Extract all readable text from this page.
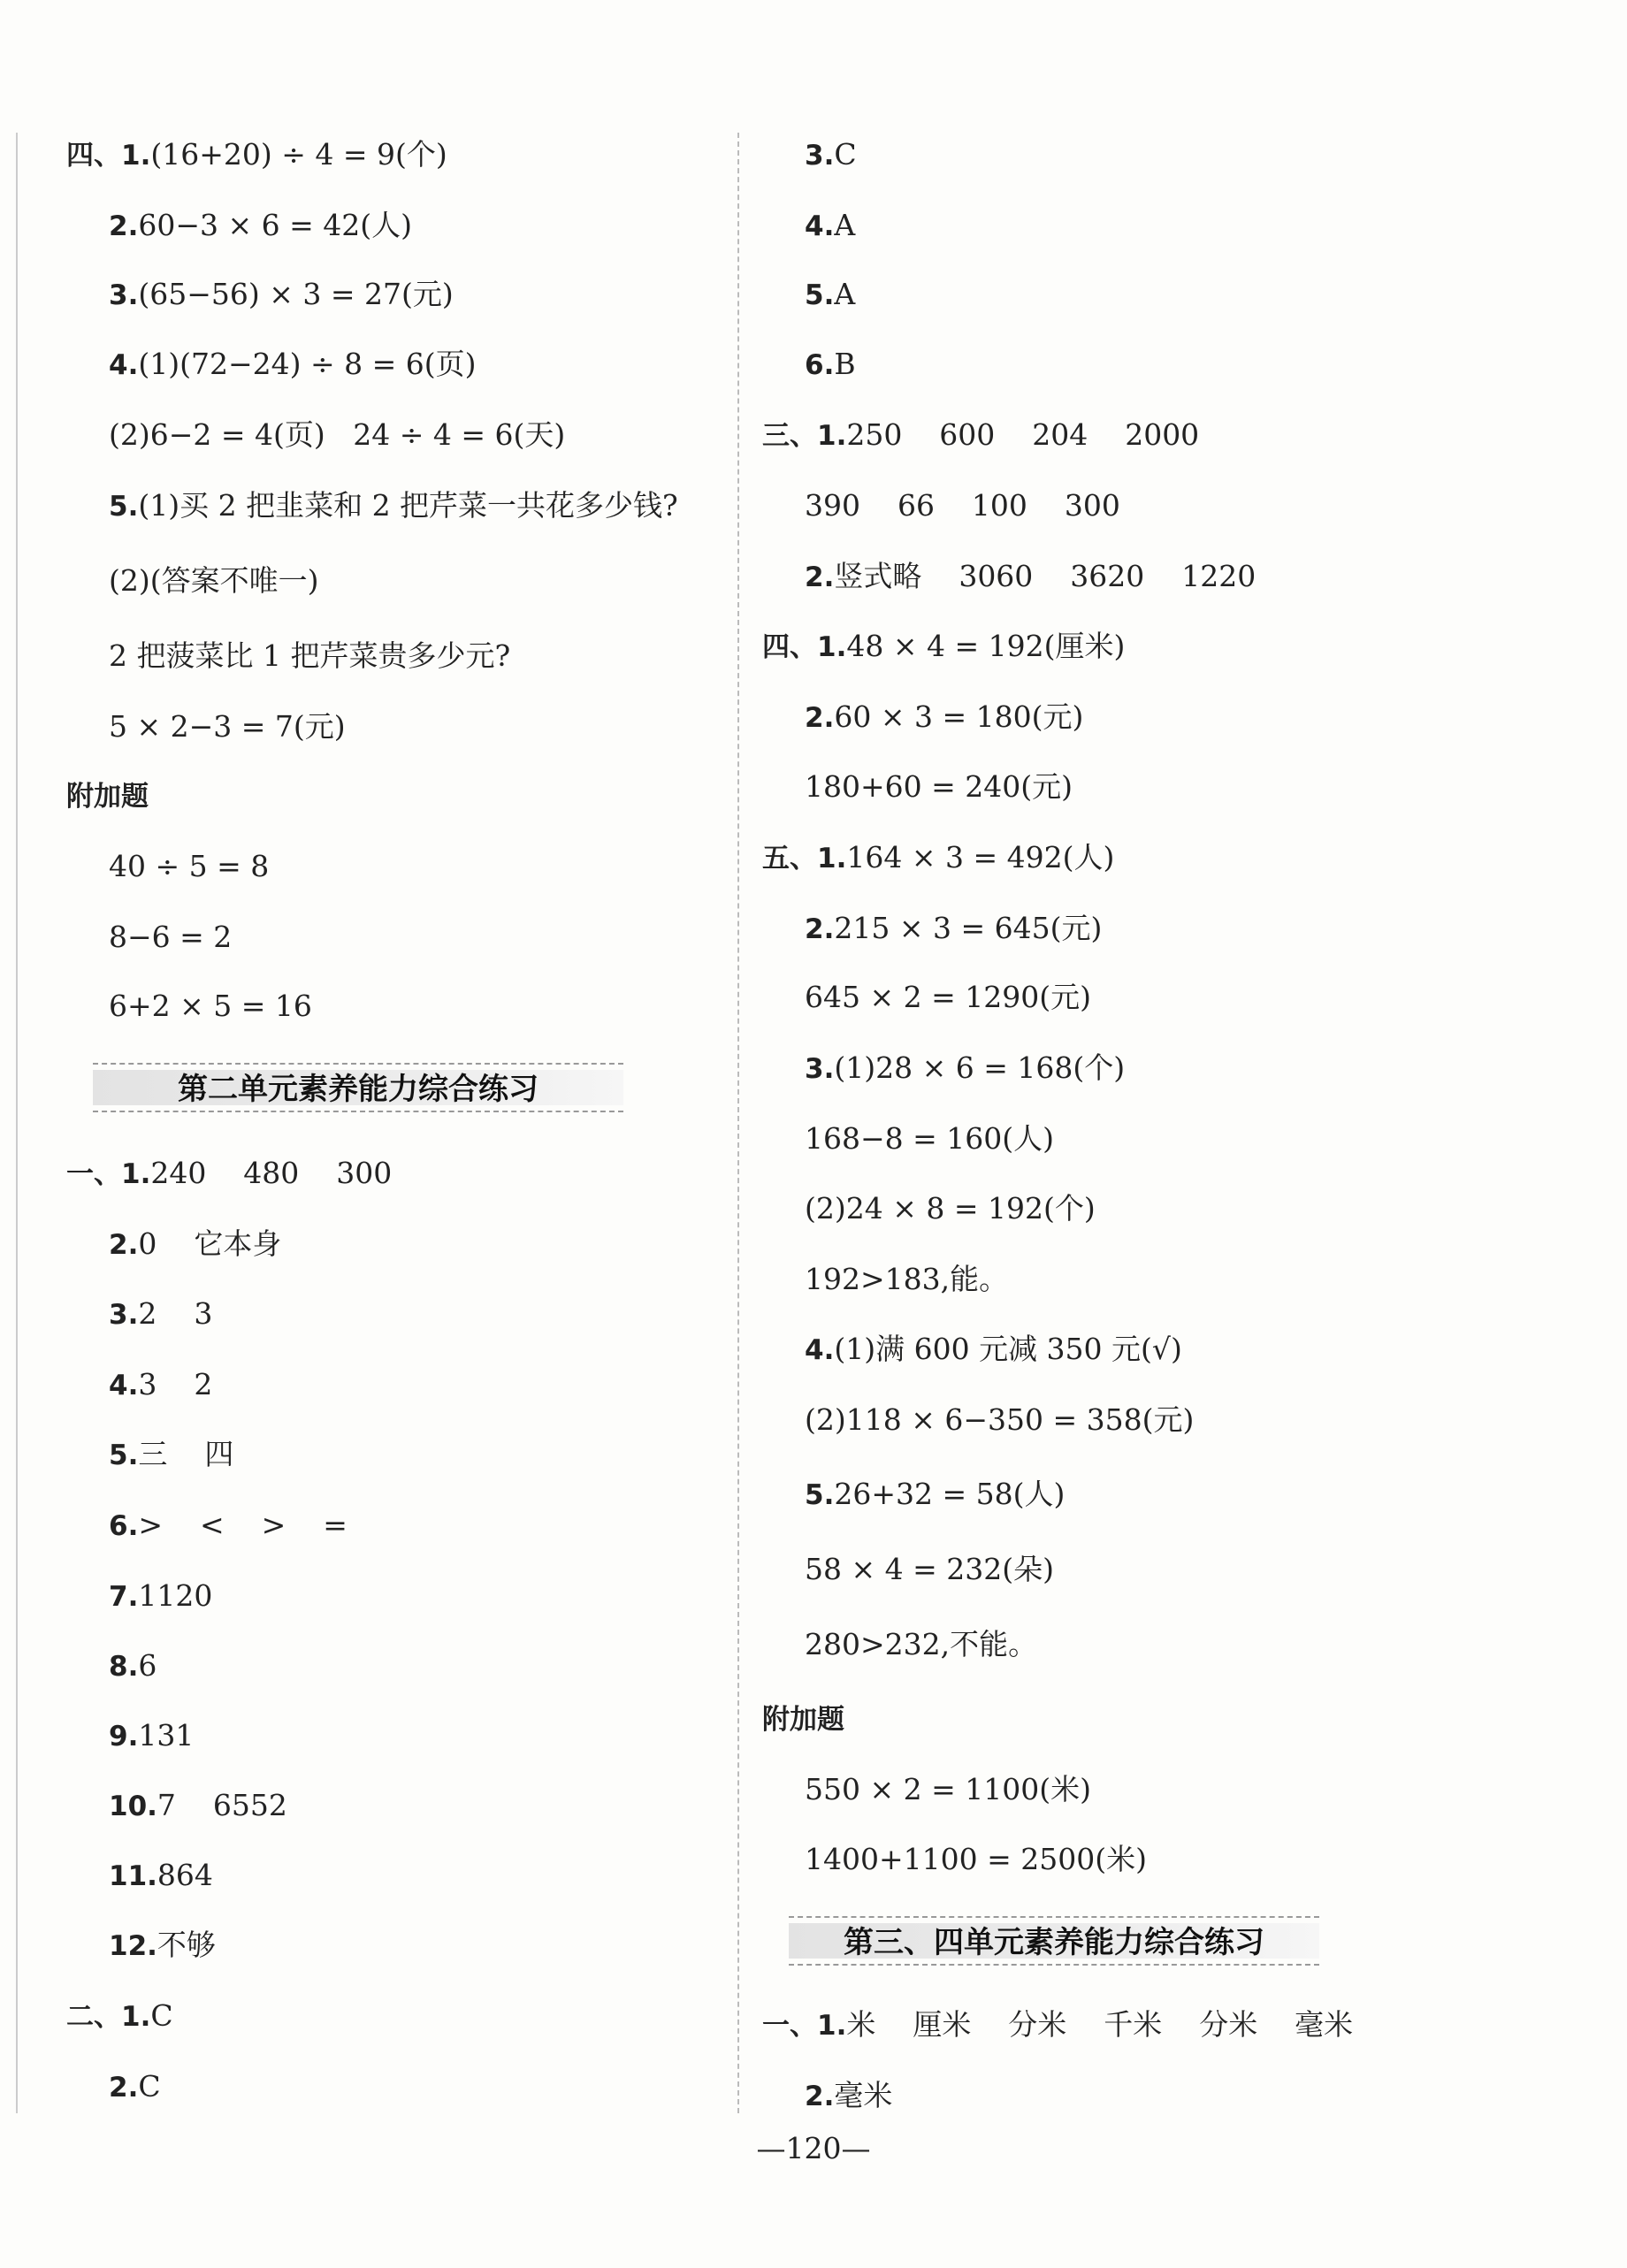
四、1.(16+20) ÷ 4 = 9(个)
2.60−3 × 6 = 42(人)
3.(65−56) × 3 = 27(元)
4.(1)(72−24) ÷ 8 = 6(页)
(2)6−2 = 4(页)   24 ÷ 4 = 6(天)
5.(1)买 2 把韭菜和 2 把芹菜一共花多少钱?
(2)(答案不唯一)
2 把菠菜比 1 把芹菜贵多少元?
5 × 2−3 = 7(元)
附加题
40 ÷ 5 = 8
8−6 = 2
6+2 × 5 = 16
第二单元素养能力综合练习
一、1.240    480    300
2.0    它本身
3.2    3
4.3    2
5.三    四
6.>    <    >    =
7.1120
8.6
9.131
10.7    6552
11.864
12.不够
二、1.C
2.C
3.C
4.A
5.A
6.B
三、1.250    600    204    2000
390    66    100    300
2.竖式略    3060    3620    1220
四、1.48 × 4 = 192(厘米)
2.60 × 3 = 180(元)
180+60 = 240(元)
五、1.164 × 3 = 492(人)
2.215 × 3 = 645(元)
645 × 2 = 1290(元)
3.(1)28 × 6 = 168(个)
168−8 = 160(人)
(2)24 × 8 = 192(个)
192>183,能。
4.(1)满 600 元减 350 元(√)
(2)118 × 6−350 = 358(元)
5.26+32 = 58(人)
58 × 4 = 232(朵)
280>232,不能。
附加题
550 × 2 = 1100(米)
1400+1100 = 2500(米)
第三、四单元素养能力综合练习
一、1.米    厘米    分米    千米    分米    毫米
2.毫米
—120—
